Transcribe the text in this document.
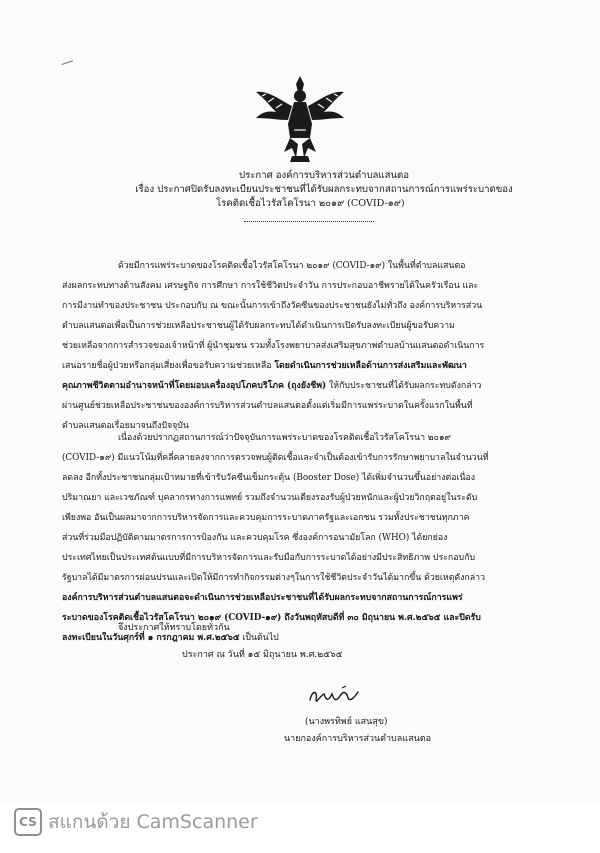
ประกาศ องค์การบริหารส่วนตำบลแสนตอ
เรื่อง ประกาศปิดรับลงทะเบียนประชาชนที่ได้รับผลกระทบจากสถานการณ์การแพร่ระบาดของ
โรคติดเชื้อไวรัสโคโรนา ๒๐๑๙ (COVID-๑๙)
ด้วยมีการแพร่ระบาดของโรคติดเชื้อไวรัสโคโรนา ๒๐๑๙ (COVID-๑๙) ในพื้นที่ตำบลแสนตอ
ส่งผลกระทบทางด้านสังคม เศรษฐกิจ การศึกษา การใช้ชีวิตประจำวัน การประกอบอาชีพรายได้ในครัวเรือน และ
การมีงานทำของประชาชน ประกอบกับ ณ ขณะนั้นการเข้าถึงวัคซีนของประชาชนยังไม่ทั่วถึง องค์การบริหารส่วน
ตำบลแสนตอเพื่อเป็นการช่วยเหลือประชาชนผู้ได้รับผลกระทบได้ดำเนินการเปิดรับลงทะเบียนผู้ขอรับความ
ช่วยเหลือจากการสำรวจของเจ้าหน้าที่ ผู้นำชุมชน รวมทั้งโรงพยาบาลส่งเสริมสุขภาพตำบลบ้านแสนตอดำเนินการ
เสนอรายชื่อผู้ป่วยหรือกลุ่มเสี่ยงเพื่อขอรับความช่วยเหลือ โดยดำเนินการช่วยเหลือด้านการส่งเสริมและพัฒนา
คุณภาพชีวิตตามอำนาจหน้าที่โดยมอบเครื่องอุปโภคบริโภค (ถุงยังชีพ) ให้กับประชาชนที่ได้รับผลกระทบดังกล่าว
ผ่านศูนย์ช่วยเหลือประชาชนขององค์การบริหารส่วนตำบลแสนตอตั้งแต่เริ่มมีการแพร่ระบาดในครั้งแรกในพื้นที่
ตำบลแสนตอเรื่อยมาจนถึงปัจจุบัน
เนื่องด้วยปรากฏสถานการณ์ว่าปัจจุบันการแพร่ระบาดของโรคติดเชื้อไวรัสโคโรนา ๒๐๑๙
(COVID-๑๙) มีแนวโน้มที่คลี่คลายลงจากการตรวจพบผู้ติดเชื้อและจำเป็นต้องเข้ารับการรักษาพยาบาลในจำนวนที่
ลดลง อีกทั้งประชาชนกลุ่มเป้าหมายที่เข้ารับวัคซีนเข็มกระตุ้น (Booster Dose) ได้เพิ่มจำนวนขึ้นอย่างต่อเนื่อง
ปริมาณยา และเวชภัณฑ์ บุคลากรทางการแพทย์ รวมถึงจำนวนเตียงรองรับผู้ป่วยหนักและผู้ป่วยวิกฤตอยู่ในระดับ
เพียงพอ อันเป็นผลมาจากการบริหารจัดการและควบคุมการระบาดภาครัฐและเอกชน รวมทั้งประชาชนทุกภาค
ส่วนที่ร่วมมือปฏิบัติตามมาตรการการป้องกัน และควบคุมโรค ซึ่งองค์การอนามัยโลก (WHO) ได้ยกย่อง
ประเทศไทยเป็นประเทศต้นแบบที่มีการบริหารจัดการและรับมือกับการระบาดได้อย่างมีประสิทธิภาพ ประกอบกับ
รัฐบาลได้มีมาตรการผ่อนปรนและเปิดให้มีการทำกิจกรรมต่างๆในการใช้ชีวิตประจำวันได้มากขึ้น ด้วยเหตุดังกล่าว
องค์การบริหารส่วนตำบลแสนตอจะดำเนินการช่วยเหลือประชาชนที่ได้รับผลกระทบจากสถานการณ์การแพร่
ระบาดของโรคติดเชื้อไวรัสโคโรนา ๒๐๑๙ (COVID-๑๙) ถึงวันพฤหัสบดีที่ ๓๐ มิถุนายน พ.ศ.๒๕๖๕ และปิดรับ
ลงทะเบียนในวันศุกร์ที่ ๑ กรกฎาคม พ.ศ.๒๕๖๕ เป็นต้นไป
จึงประกาศให้ทราบโดยทั่วกัน
ประกาศ ณ วันที่ ๑๕ มิถุนายน พ.ศ.๒๕๖๕
(นางพรทิพย์ แสนสุข)
นายกองค์การบริหารส่วนตำบลแสนตอ
CS สแกนด้วย CamScanner
